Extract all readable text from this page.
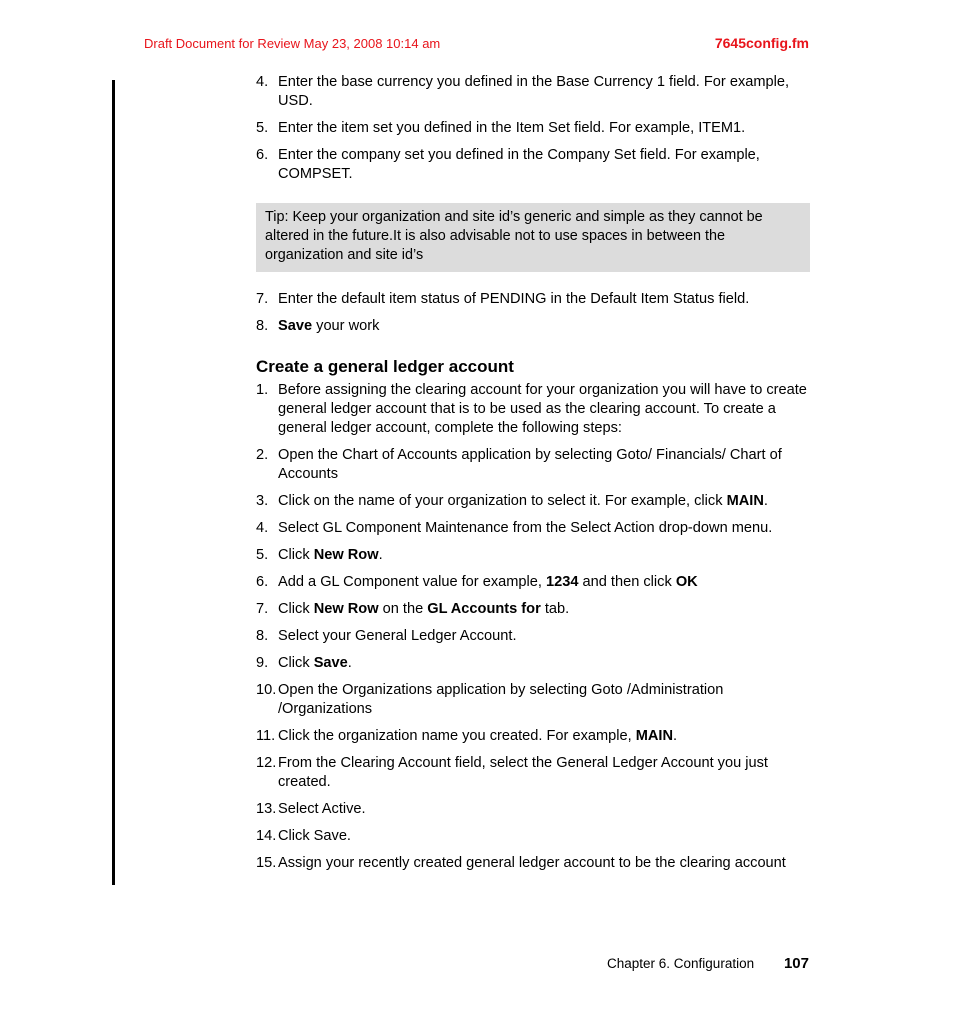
Draft Document for Review May 23, 2008 10:14 am	7645config.fm
4. Enter the base currency you defined in the Base Currency 1 field. For example, USD.
5. Enter the item set you defined in the Item Set field. For example, ITEM1.
6. Enter the company set you defined in the Company Set field. For example, COMPSET.
Tip: Keep your organization and site id’s generic and simple as they cannot be altered in the future.It is also advisable not to use spaces in between the organization and site id’s
7. Enter the default item status of PENDING in the Default Item Status field.
8. Save your work
Create a general ledger account
1. Before assigning the clearing account for your organization you will have to create general ledger account that is to be used as the clearing account. To create a general ledger account, complete the following steps:
2. Open the Chart of Accounts application by selecting Goto/ Financials/ Chart of Accounts
3. Click on the name of your organization to select it. For example, click MAIN.
4. Select GL Component Maintenance from the Select Action drop-down menu.
5. Click New Row.
6. Add a GL Component value for example, 1234 and then click OK
7. Click New Row on the GL Accounts for tab.
8. Select your General Ledger Account.
9. Click Save.
10. Open the Organizations application by selecting Goto /Administration /Organizations
11. Click the organization name you created. For example, MAIN.
12. From the Clearing Account field, select the General Ledger Account you just created.
13. Select Active.
14. Click Save.
15. Assign your recently created general ledger account to be the clearing account
Chapter 6. Configuration 107
